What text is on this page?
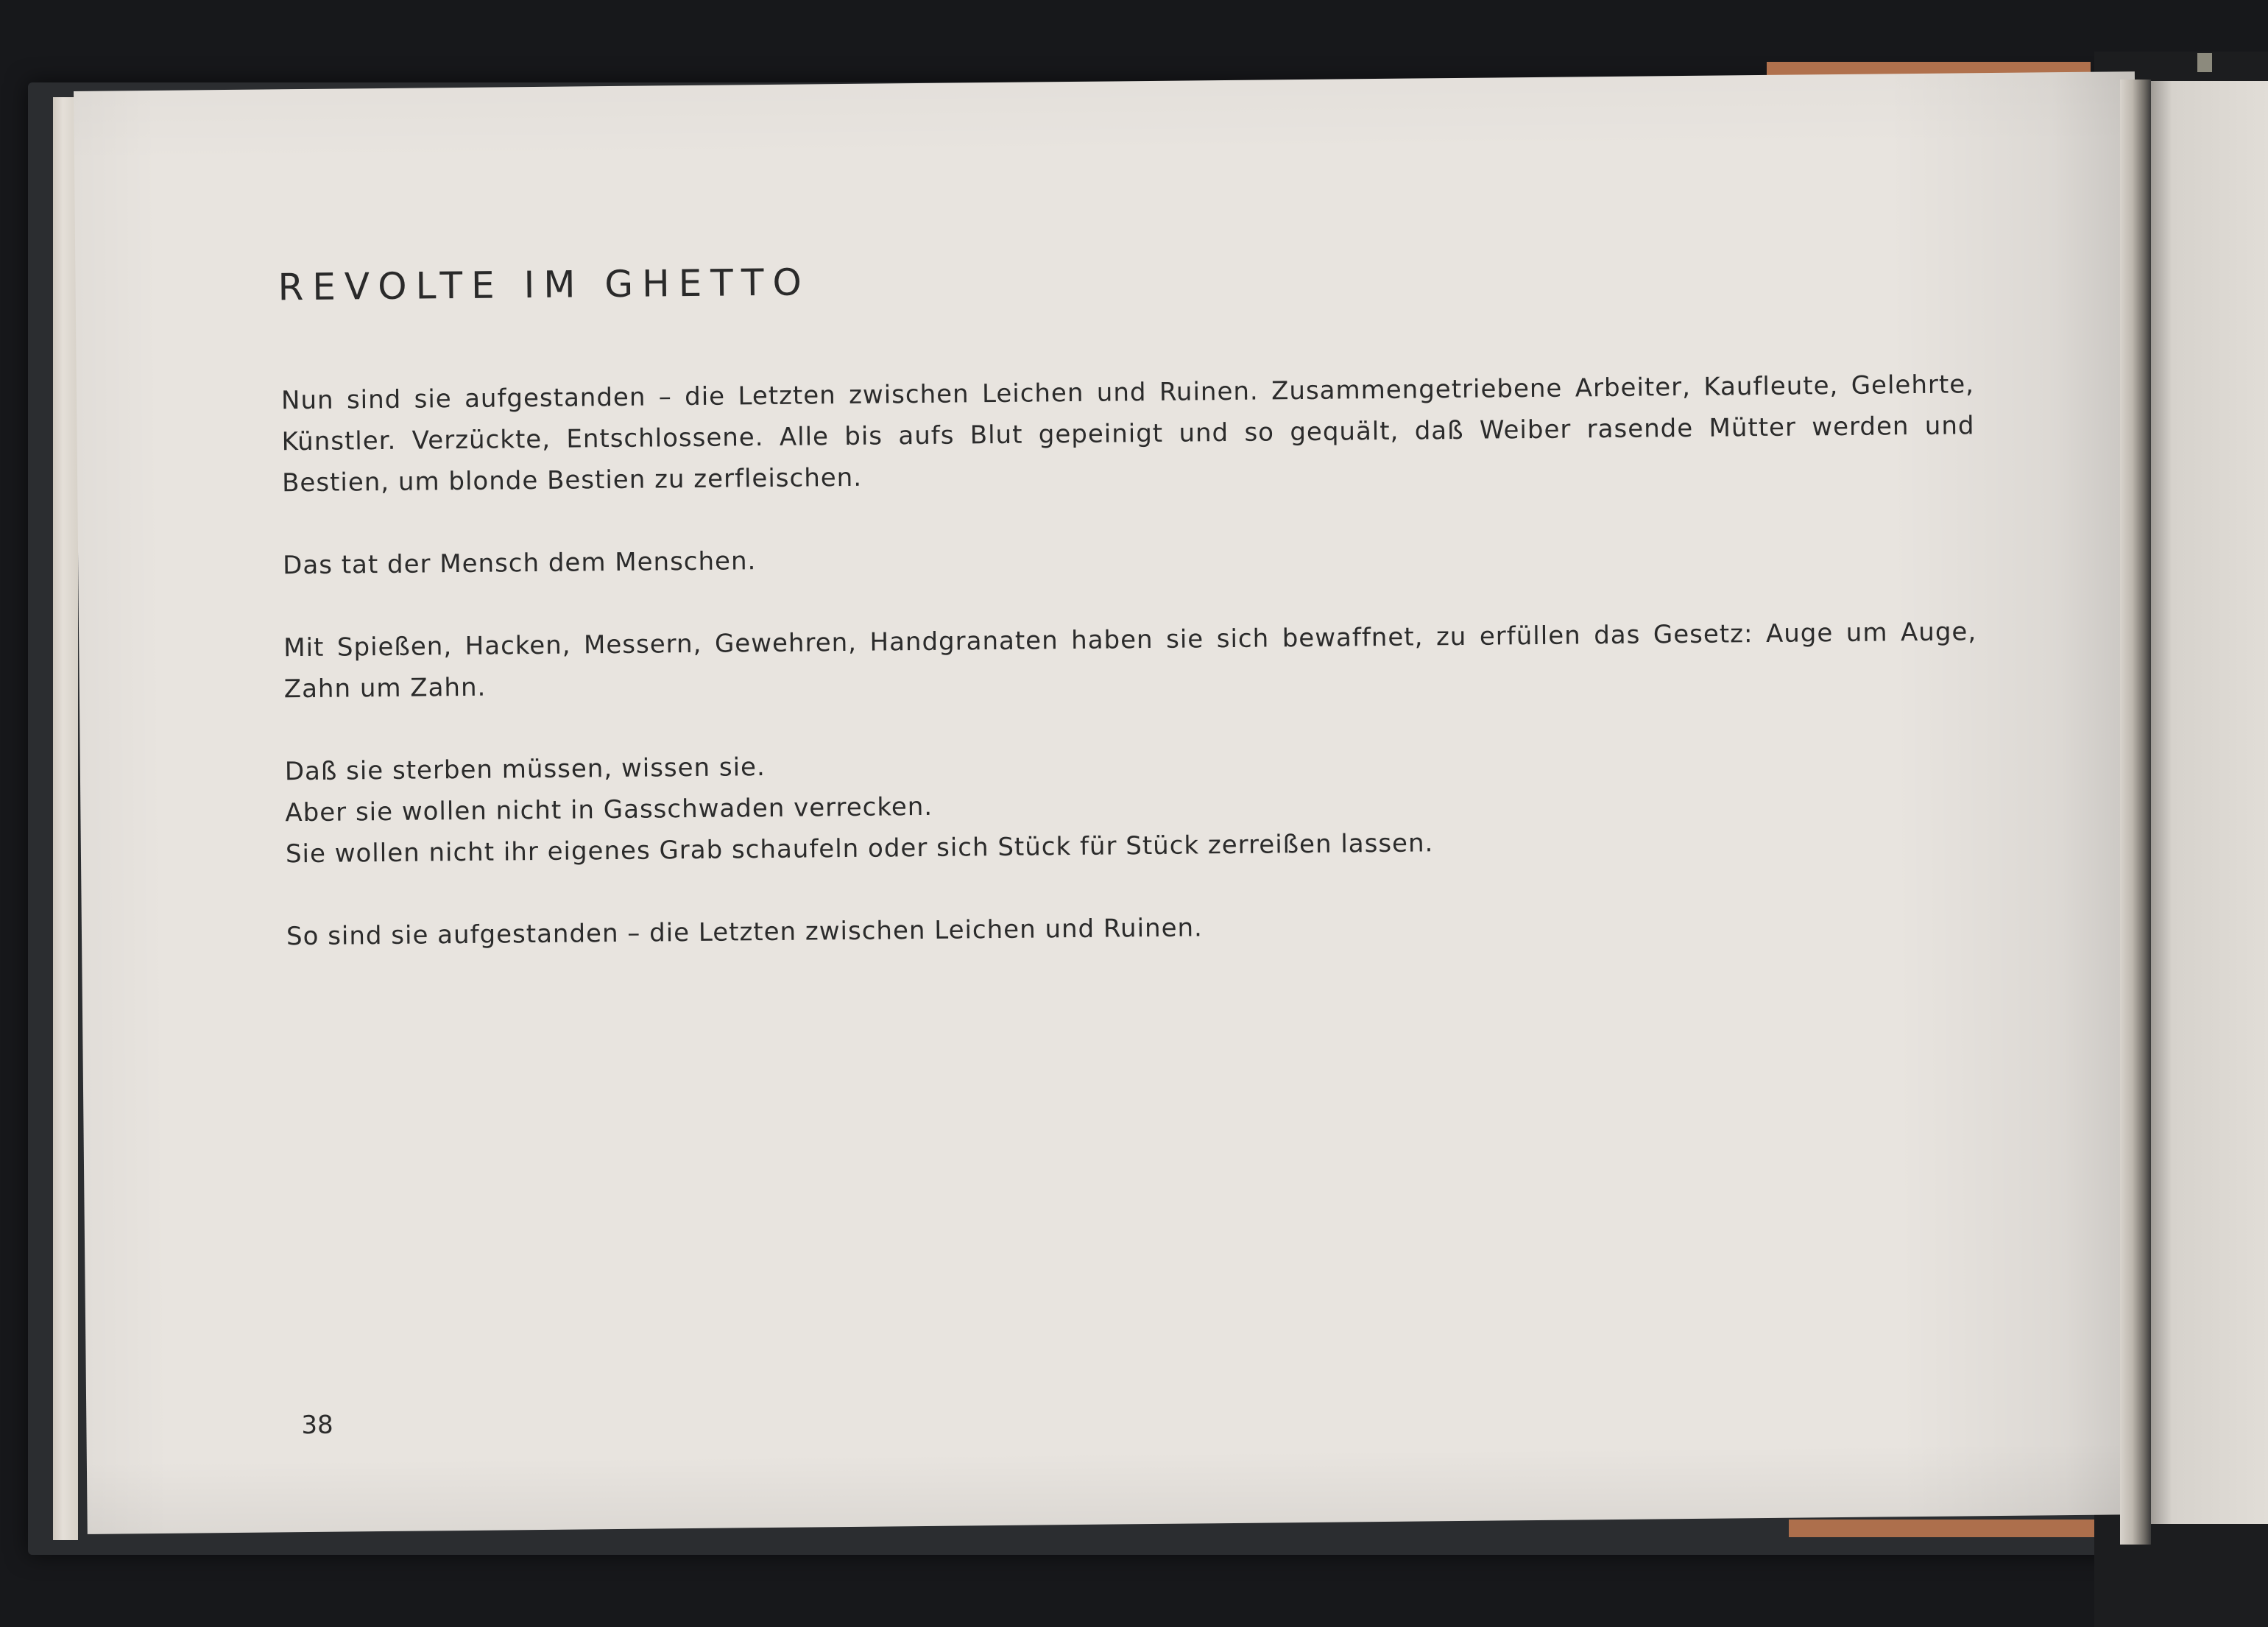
REVOLTE IM GHETTO

Nun sind sie aufgestanden – die Letzten zwischen Leichen und Ruinen. Zusammengetriebene Arbeiter, Kaufleute, Gelehrte, Künstler. Verzückte, Entschlossene. Alle bis aufs Blut gepeinigt und so gequält, daß Weiber rasende Mütter werden und Bestien, um blonde Bestien zu zerfleischen.

Das tat der Mensch dem Menschen.

Mit Spießen, Hacken, Messern, Gewehren, Handgranaten haben sie sich bewaffnet, zu erfüllen das Gesetz: Auge um Auge, Zahn um Zahn.

Daß sie sterben müssen, wissen sie.
Aber sie wollen nicht in Gasschwaden verrecken.
Sie wollen nicht ihr eigenes Grab schaufeln oder sich Stück für Stück zerreißen lassen.

So sind sie aufgestanden – die Letzten zwischen Leichen und Ruinen.

38
